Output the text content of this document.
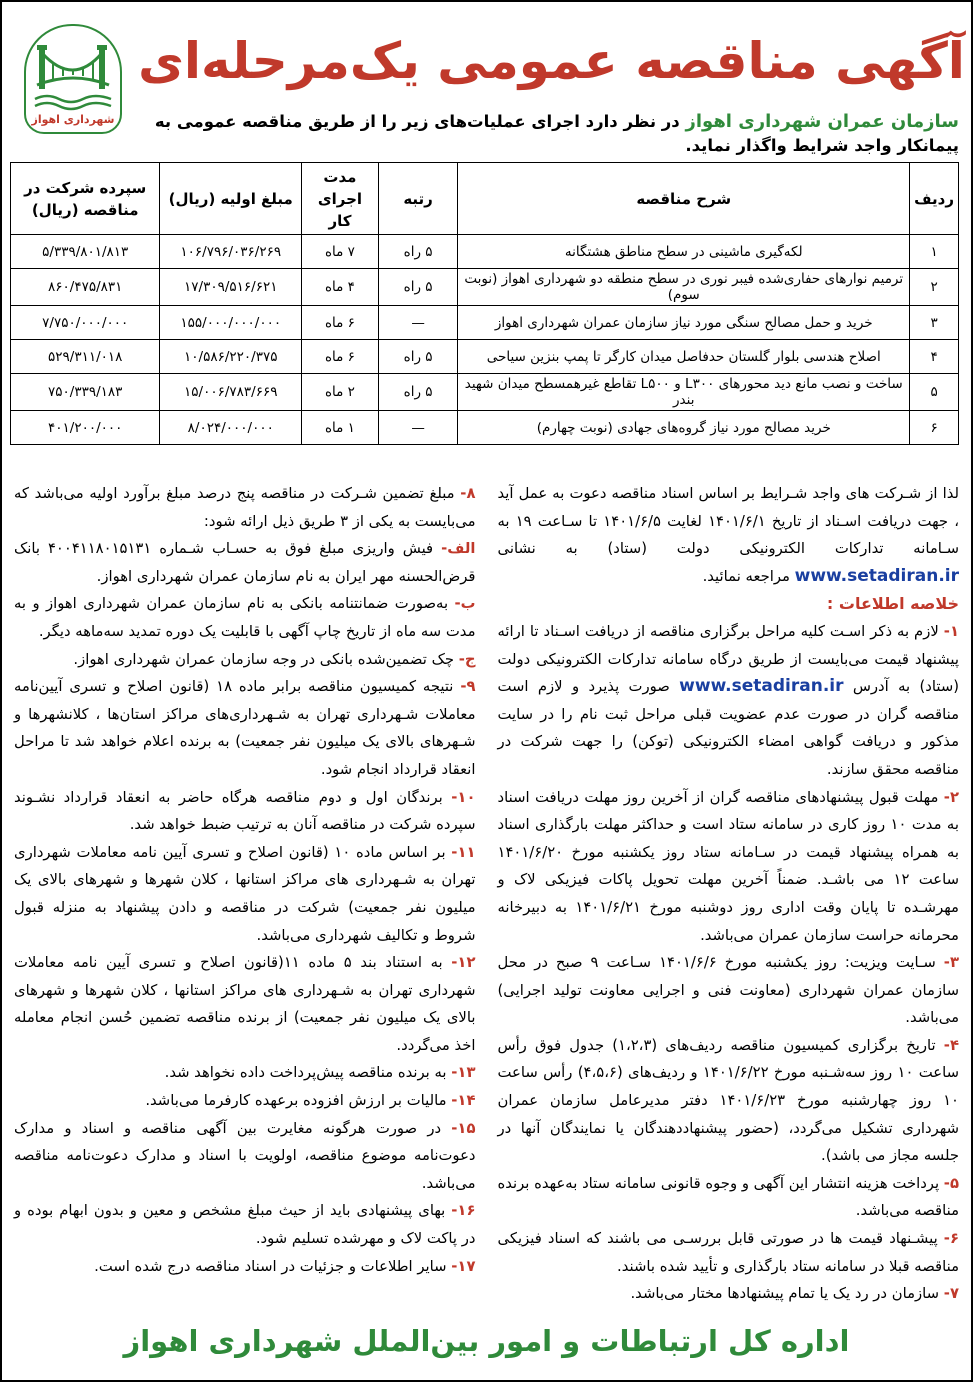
شهرداری اهواز
آگهی مناقصه عمومی یک‌مرحله‌ای
سازمان عمران شهرداری اهواز در نظر دارد اجرای عملیات‌های زیر را از طریق مناقصه عمومی به پیمانکار واجد شرایط واگذار نماید.
ردیف	شرح مناقصه	رتبه	مدت اجرای کار	مبلغ اولیه (ریال)	سپرده شرکت در مناقصه (ریال)
۱	لکه‌گیری ماشینی در سطح مناطق هشتگانه	۵ راه	۷ ماه	۱۰۶/۷۹۶/۰۳۶/۲۶۹	۵/۳۳۹/۸۰۱/۸۱۳
۲	ترمیم نوارهای حفاری‌شده فیبر نوری در سطح منطقه دو شهرداری اهواز (نوبت سوم)	۵ راه	۴ ماه	۱۷/۳۰۹/۵۱۶/۶۲۱	۸۶۰/۴۷۵/۸۳۱
۳	خرید و حمل مصالح سنگی مورد نیاز سازمان عمران شهرداری اهواز	—	۶ ماه	۱۵۵/۰۰۰/۰۰۰/۰۰۰	۷/۷۵۰/۰۰۰/۰۰۰
۴	اصلاح هندسی بلوار گلستان حدفاصل میدان کارگر تا پمپ بنزین سیاحی	۵ راه	۶ ماه	۱۰/۵۸۶/۲۲۰/۳۷۵	۵۲۹/۳۱۱/۰۱۸
۵	ساخت و نصب مانع دید محورهای L۳۰۰ و L۵۰۰ تقاطع غیرهمسطح میدان شهید بندر	۵ راه	۲ ماه	۱۵/۰۰۶/۷۸۳/۶۶۹	۷۵۰/۳۳۹/۱۸۳
۶	خرید مصالح مورد نیاز گروه‌های جهادی (نوبت چهارم)	—	۱ ماه	۸/۰۲۴/۰۰۰/۰۰۰	۴۰۱/۲۰۰/۰۰۰

لذا از شـرکت های واجد شـرایط بر اساس اسناد مناقصه دعوت به عمل آید ، جهت دریافت اسـناد از تاریخ ۱۴۰۱/۶/۱ لغایت ۱۴۰۱/۶/۵ تا سـاعت ۱۹ به سـامانه تدارکات الکترونیکی دولت (ستاد) به نشانی www.setadiran.ir مراجعه نمائید.

خلاصه اطلاعات :

۱- لازم به ذکر اسـت کلیه مراحل برگزاری مناقصه از دریافت اسـناد تا ارائه پیشنهاد قیمت می‌بایست از طریق درگاه سامانه تدارکات الکترونیکی دولت (ستاد) به آدرس www.setadiran.ir صورت پذیرد و لازم است مناقصه گران در صورت عدم عضویت قبلی مراحل ثبت نام را در سایت مذکور و دریافت گواهی امضاء الکترونیکی (توکن) را جهت شرکت در مناقصه محقق سازند.

۲- مهلت قبول پیشنهادهای مناقصه گران از آخرین روز مهلت دریافت اسناد به مدت ۱۰ روز کاری در سامانه ستاد است و حداکثر مهلت بارگذاری اسناد به همراه پیشنهاد قیمت در سـامانه ستاد روز یکشنبه مورخ ۱۴۰۱/۶/۲۰ ساعت ۱۲ می باشـد. ضمناً آخرین مهلت تحویل پاکات فیزیکی لاک و مهرشـده تا پایان وقت اداری روز دوشنبه مورخ ۱۴۰۱/۶/۲۱ به دبیرخانه محرمانه حراست سازمان عمران می‌باشد.

۳- سـایت ویزیت: روز یکشنبه مورخ ۱۴۰۱/۶/۶ سـاعت ۹ صبح در محل سازمان عمران شهرداری (معاونت فنی و اجرایی معاونت تولید اجرایی) می‌باشد.

۴- تاریخ برگزاری کمیسیون مناقصه ردیف‌های (۱،۲،۳) جدول فوق رأس ساعت ۱۰ روز سه‌شـنبه مورخ ۱۴۰۱/۶/۲۲ و ردیف‌های (۴،۵،۶) رأس ساعت ۱۰ روز چهارشنبه مورخ ۱۴۰۱/۶/۲۳ دفتر مدیرعامل سازمان عمران شهرداری تشکیل می‌گردد، (حضور پیشنهاددهندگان یا نمایندگان آنها در جلسه مجاز می باشد).

۵- پرداخت هزینه انتشار این آگهی و وجوه قانونی سامانه ستاد به‌عهده برنده مناقصه می‌باشد.

۶- پیشـنهاد قیمت ها در صورتی قابل بررسـی می باشند که اسناد فیزیکی مناقصه قبلا در سامانه ستاد بارگذاری و تأیید شده باشند.

۷- سازمان در رد یک یا تمام پیشنهادها مختار می‌باشد.

۸- مبلغ تضمین شـرکت در مناقصه پنج درصد مبلغ برآورد اولیه می‌باشد که می‌بایست به یکی از ۳ طریق ذیل ارائه شود:

الف- فیش واریزی مبلغ فوق به حسـاب شـماره ۴۰۰۴۱۱۸۰۱۵۱۳۱ بانک قرض‌الحسنه مهر ایران به نام سازمان عمران شهرداری اهواز.

ب- به‌صورت ضمانتنامه بانکی به نام سازمان عمران شهرداری اهواز و به مدت سه ماه از تاریخ چاپ آگهی با قابلیت یک دوره تمدید سه‌ماهه دیگر.

ج- چک تضمین‌شده بانکی در وجه سازمان عمران شهرداری اهواز.

۹- نتیجه کمیسیون مناقصه برابر ماده ۱۸ (قانون اصلاح و تسری آیین‌نامه معاملات شـهرداری تهران به شـهرداری‌های مراکز استان‌ها ، کلانشهرها و شـهرهای بالای یک میلیون نفر جمعیت) به برنده اعلام خواهد شد تا مراحل انعقاد قرارداد انجام شود.

۱۰- برندگان اول و دوم مناقصه هرگاه حاضر به انعقاد قرارداد نشـوند سپرده شرکت در مناقصه آنان به ترتیب ضبط خواهد شد.

۱۱- بر اساس ماده ۱۰ (قانون اصلاح و تسری آیین نامه معاملات شهرداری تهران به شـهرداری های مراکز استانها ، کلان شهرها و شهرهای بالای یک میلیون نفر جمعیت) شرکت در مناقصه و دادن پیشنهاد به منزله قبول شروط و تکالیف شهرداری می‌باشد.

۱۲- به استناد بند ۵ ماده ۱۱(قانون اصلاح و تسری آیین نامه معاملات شهرداری تهران به شـهرداری های مراکز استانها ، کلان شهرها و شهرهای بالای یک میلیون نفر جمعیت) از برنده مناقصه تضمین حُسن انجام معامله اخذ می‌گردد.

۱۳- به برنده مناقصه پیش‌پرداخت داده نخواهد شد.

۱۴- مالیات بر ارزش افزوده برعهده کارفرما می‌باشد.

۱۵- در صورت هرگونه مغایرت بین آگهی مناقصه و اسناد و مدارک دعوت‌نامه موضوع مناقصه، اولویت با اسناد و مدارک دعوت‌نامه مناقصه می‌باشد.

۱۶- بهای پیشنهادی باید از حیث مبلغ مشخص و معین و بدون ابهام بوده و در پاکت لاک و مهرشده تسلیم شود.

۱۷- سایر اطلاعات و جزئیات در اسناد مناقصه درج شده است.

اداره کل ارتباطات و امور بین‌الملل شهرداری اهواز
